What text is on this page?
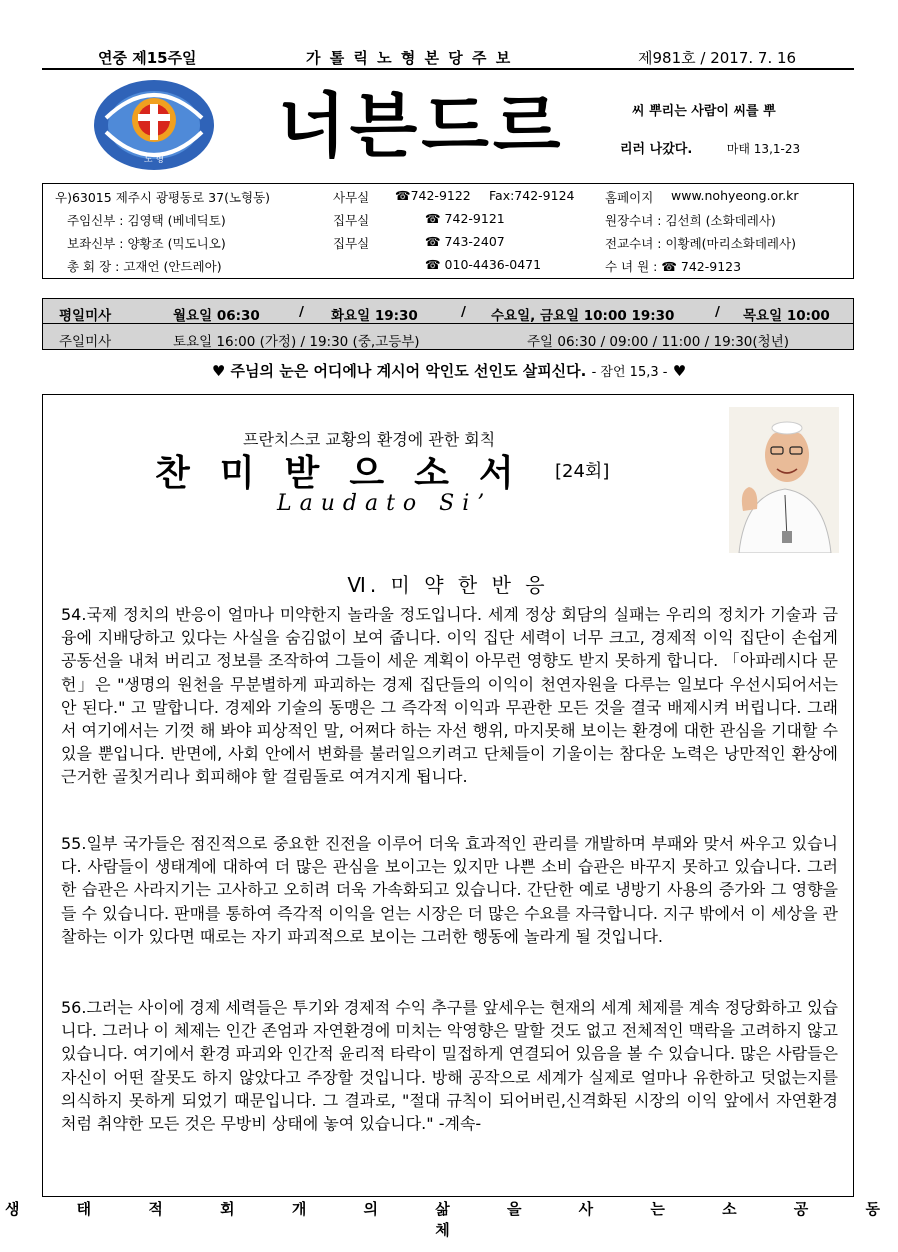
연중 제15주일	가 톨 릭 노 형 본 당 주 보	제981호 / 2017. 7. 16
노 형 너븐드르	씨 뿌리는 사람이 씨를 뿌
리러 나갔다.	마태 13,1-23
우)63015 제주시 광평동로 37(노형동)	사무실 ☎742-9122 Fax:742-9124 홈페이지 www.nohyeong.or.kr
주임신부 : 김영택 (베네딕토)	집무실	☎ 742-9121	원장수녀 : 김선희 (소화데레사)
보좌신부 : 양황조 (믹도니오)	집무실	☎ 743-2407	전교수녀 : 이황례(마리소화데레사)
총 회 장 : 고재언 (안드레아)	☎ 010-4436-0471	수 녀 원 : ☎ 742-9123
평일미사	월요일 06:30	/ 화요일 19:30	/ 수요일, 금요일 10:00 19:30	/ 목요일 10:00
주일미사	토요일 16:00 (가정) / 19:30 (중,고등부)	주일 06:30 / 09:00 / 11:00 / 19:30(청년)
♥ 주님의 눈은 어디에나 계시어 악인도 선인도 살피신다. - 잠언 15,3 - ♥
프란치스코 교황의 환경에 관한 회칙
찬미받으소서 [24회]
Laudato Si’
Ⅵ. 미 약 한 반 응

54.국제 정치의 반응이 얼마나 미약한지 놀라울 정도입니다. 세계 정상 회담의 실패는 우리의 정치가 기술과 금융에 지배당하고 있다는 사실을 숨김없이 보여 줍니다. 이익 집단 세력이 너무 크고, 경제적 이익 집단이 손쉽게 공동선을 내쳐 버리고 정보를 조작하여 그들이 세운 계획이 아무런 영향도 받지 못하게 합니다. 「아파레시다 문헌」은 "생명의 원천을 무분별하게 파괴하는 경제 집단들의 이익이 천연자원을 다루는 일보다 우선시되어서는 안 된다." 고 말합니다. 경제와 기술의 동맹은 그 즉각적 이익과 무관한 모든 것을 결국 배제시켜 버립니다. 그래서 여기에서는 기껏 해 봐야 피상적인 말, 어쩌다 하는 자선 행위, 마지못해 보이는 환경에 대한 관심을 기대할 수 있을 뿐입니다. 반면에, 사회 안에서 변화를 불러일으키려고 단체들이 기울이는 참다운 노력은 낭만적인 환상에 근거한 골칫거리나 회피해야 할 걸림돌로 여겨지게 됩니다.

55.일부 국가들은 점진적으로 중요한 진전을 이루어 더욱 효과적인 관리를 개발하며 부패와 맞서 싸우고 있습니다. 사람들이 생태계에 대하여 더 많은 관심을 보이고는 있지만 나쁜 소비 습관은 바꾸지 못하고 있습니다. 그러한 습관은 사라지기는 고사하고 오히려 더욱 가속화되고 있습니다. 간단한 예로 냉방기 사용의 증가와 그 영향을 들 수 있습니다. 판매를 통하여 즉각적 이익을 얻는 시장은 더 많은 수요를 자극합니다. 지구 밖에서 이 세상을 관찰하는 이가 있다면 때로는 자기 파괴적으로 보이는 그러한 행동에 놀라게 될 것입니다.

56.그러는 사이에 경제 세력들은 투기와 경제적 수익 추구를 앞세우는 현재의 세계 체제를 계속 정당화하고 있습니다. 그러나 이 체제는 인간 존엄과 자연환경에 미치는 악영향은 말할 것도 없고 전체적인 맥락을 고려하지 않고 있습니다. 여기에서 환경 파괴와 인간적 윤리적 타락이 밀접하게 연결되어 있음을 볼 수 있습니다. 많은 사람들은 자신이 어떤 잘못도 하지 않았다고 주장할 것입니다. 방해 공작으로 세계가 실제로 얼마나 유한하고 덧없는지를 의식하지 못하게 되었기 때문입니다. 그 결과로, "절대 규칙이 되어버린,신격화된 시장의 이익 앞에서 자연환경처럼 취약한 모든 것은 무방비 상태에 놓여 있습니다." -계속-

생 태 적 회 개 의 삶 을 사 는 소 공 동 체
